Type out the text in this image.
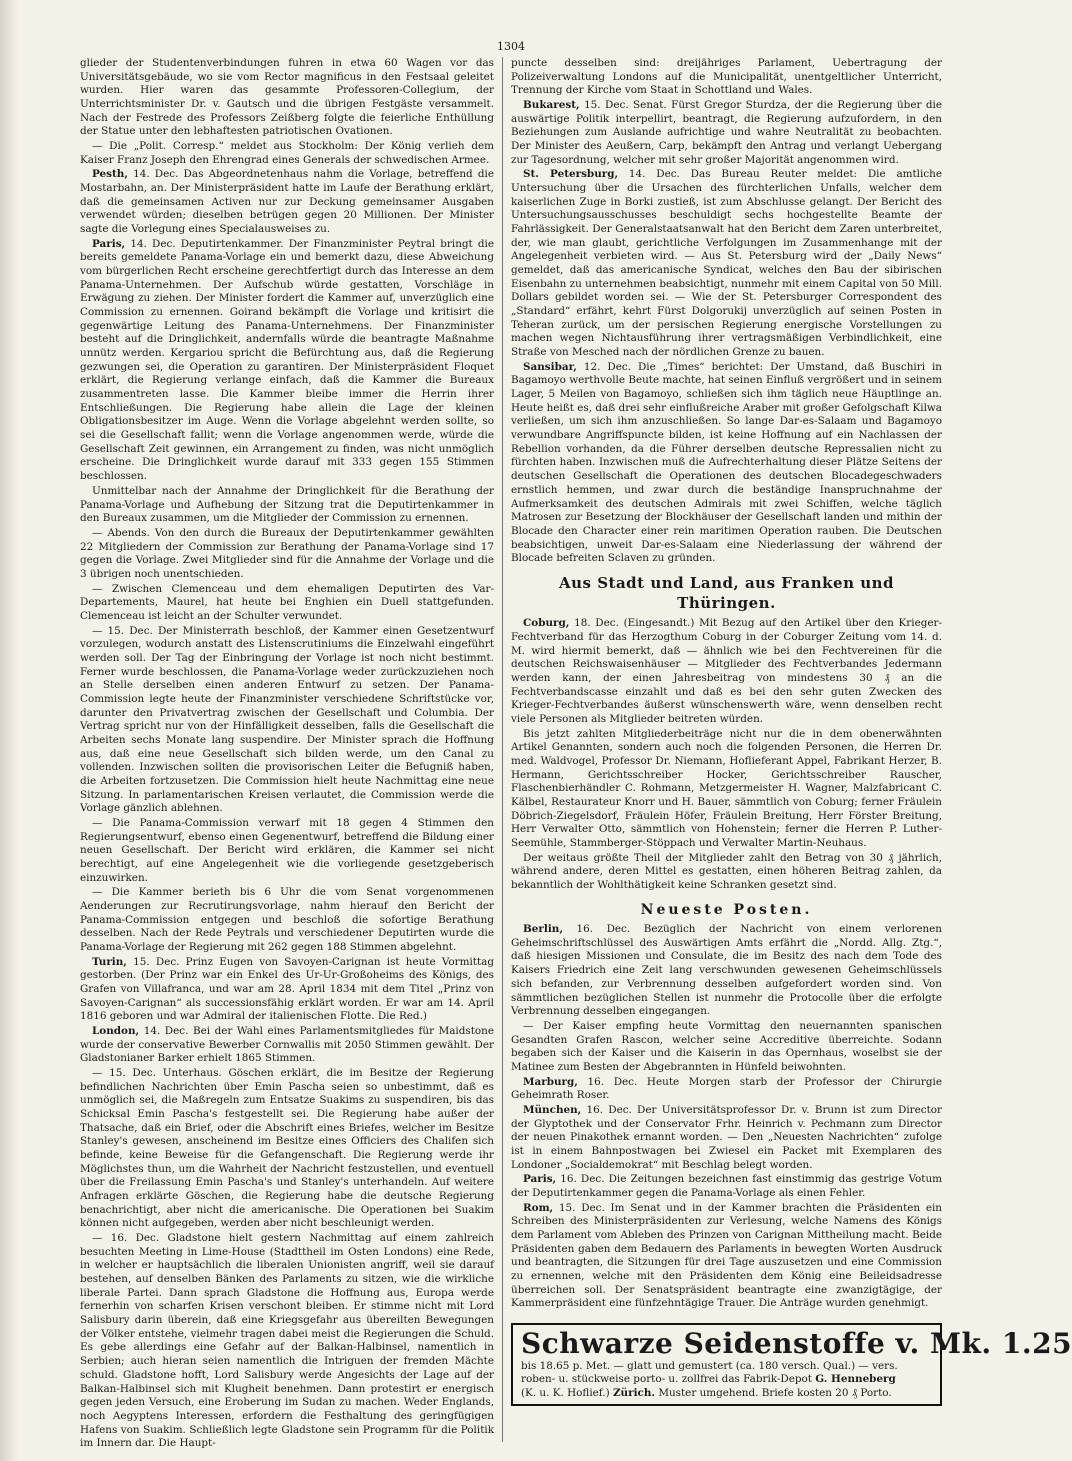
1304

glieder der Studentenverbindungen fuhren in etwa 60 Wagen vor das Universitätsgebäude, wo sie vom Rector magnificus in den Festsaal geleitet wurden. Hier waren das gesammte Professoren-Collegium, der Unterrichtsminister Dr. v. Gautsch und die übrigen Festgäste versammelt. Nach der Festrede des Professors Zeißberg folgte die feierliche Enthüllung der Statue unter den lebhaftesten patriotischen Ovationen.

— Die „Polit. Corresp.“ meldet aus Stockholm: Der König verlieh dem Kaiser Franz Joseph den Ehrengrad eines Generals der schwedischen Armee.

Pesth, 14. Dec. Das Abgeordnetenhaus nahm die Vorlage, betreffend die Mostarbahn, an. Der Ministerpräsident hatte im Laufe der Berathung erklärt, daß die gemeinsamen Activen nur zur Deckung gemeinsamer Ausgaben verwendet würden; dieselben betrügen gegen 20 Millionen. Der Minister sagte die Vorlegung eines Specialausweises zu.

Paris, 14. Dec. Deputirtenkammer. Der Finanzminister Peytral bringt die bereits gemeldete Panama-Vorlage ein und bemerkt dazu, diese Abweichung vom bürgerlichen Recht erscheine gerechtfertigt durch das Interesse an dem Panama-Unternehmen. Der Aufschub würde gestatten, Vorschläge in Erwägung zu ziehen. Der Minister fordert die Kammer auf, unverzüglich eine Commission zu ernennen. Goirand bekämpft die Vorlage und kritisirt die gegenwärtige Leitung des Panama-Unternehmens. Der Finanzminister besteht auf die Dringlichkeit, andernfalls würde die beantragte Maßnahme unnütz werden. Kergariou spricht die Befürchtung aus, daß die Regierung gezwungen sei, die Operation zu garantiren. Der Ministerpräsident Floquet erklärt, die Regierung verlange einfach, daß die Kammer die Bureaux zusammentreten lasse. Die Kammer bleibe immer die Herrin ihrer Entschließungen. Die Regierung habe allein die Lage der kleinen Obligationsbesitzer im Auge. Wenn die Vorlage abgelehnt werden sollte, so sei die Gesellschaft fallit; wenn die Vorlage angenommen werde, würde die Gesellschaft Zeit gewinnen, ein Arrangement zu finden, was nicht unmöglich erscheine. Die Dringlichkeit wurde darauf mit 333 gegen 155 Stimmen beschlossen.

Unmittelbar nach der Annahme der Dringlichkeit für die Berathung der Panama-Vorlage und Aufhebung der Sitzung trat die Deputirtenkammer in den Bureaux zusammen, um die Mitglieder der Commission zu ernennen.

— Abends. Von den durch die Bureaux der Deputirtenkammer gewählten 22 Mitgliedern der Commission zur Berathung der Panama-Vorlage sind 17 gegen die Vorlage. Zwei Mitglieder sind für die Annahme der Vorlage und die 3 übrigen noch unentschieden.

— Zwischen Clemenceau und dem ehemaligen Deputirten des Var-Departements, Maurel, hat heute bei Enghien ein Duell stattgefunden. Clemenceau ist leicht an der Schulter verwundet.

— 15. Dec. Der Ministerrath beschloß, der Kammer einen Gesetzentwurf vorzulegen, wodurch anstatt des Listenscrutiniums die Einzelwahl eingeführt werden soll. Der Tag der Einbringung der Vorlage ist noch nicht bestimmt. Ferner wurde beschlossen, die Panama-Vorlage weder zurückzuziehen noch an Stelle derselben einen anderen Entwurf zu setzen. Der Panama-Commission legte heute der Finanzminister verschiedene Schriftstücke vor, darunter den Privatvertrag zwischen der Gesellschaft und Columbia. Der Vertrag spricht nur von der Hinfälligkeit desselben, falls die Gesellschaft die Arbeiten sechs Monate lang suspendire. Der Minister sprach die Hoffnung aus, daß eine neue Gesellschaft sich bilden werde, um den Canal zu vollenden. Inzwischen sollten die provisorischen Leiter die Befugniß haben, die Arbeiten fortzusetzen. Die Commission hielt heute Nachmittag eine neue Sitzung. In parlamentarischen Kreisen verlautet, die Commission werde die Vorlage gänzlich ablehnen.

— Die Panama-Commission verwarf mit 18 gegen 4 Stimmen den Regierungsentwurf, ebenso einen Gegenentwurf, betreffend die Bildung einer neuen Gesellschaft. Der Bericht wird erklären, die Kammer sei nicht berechtigt, auf eine Angelegenheit wie die vorliegende gesetzgeberisch einzuwirken.

— Die Kammer berieth bis 6 Uhr die vom Senat vorgenommenen Aenderungen zur Recrutirungsvorlage, nahm hierauf den Bericht der Panama-Commission entgegen und beschloß die sofortige Berathung desselben. Nach der Rede Peytrals und verschiedener Deputirten wurde die Panama-Vorlage der Regierung mit 262 gegen 188 Stimmen abgelehnt.

Turin, 15. Dec. Prinz Eugen von Savoyen-Carignan ist heute Vormittag gestorben. (Der Prinz war ein Enkel des Ur-Ur-Großoheims des Königs, des Grafen von Villafranca, und war am 28. April 1834 mit dem Titel „Prinz von Savoyen-Carignan“ als successionsfähig erklärt worden. Er war am 14. April 1816 geboren und war Admiral der italienischen Flotte. Die Red.)

London, 14. Dec. Bei der Wahl eines Parlamentsmitgliedes für Maidstone wurde der conservative Bewerber Cornwallis mit 2050 Stimmen gewählt. Der Gladstonianer Barker erhielt 1865 Stimmen.

— 15. Dec. Unterhaus. Göschen erklärt, die im Besitze der Regierung befindlichen Nachrichten über Emin Pascha seien so unbestimmt, daß es unmöglich sei, die Maßregeln zum Entsatze Suakims zu suspendiren, bis das Schicksal Emin Pascha's festgestellt sei. Die Regierung habe außer der Thatsache, daß ein Brief, oder die Abschrift eines Briefes, welcher im Besitze Stanley's gewesen, anscheinend im Besitze eines Officiers des Chalifen sich befinde, keine Beweise für die Gefangenschaft. Die Regierung werde ihr Möglichstes thun, um die Wahrheit der Nachricht festzustellen, und eventuell über die Freilassung Emin Pascha's und Stanley's unterhandeln. Auf weitere Anfragen erklärte Göschen, die Regierung habe die deutsche Regierung benachrichtigt, aber nicht die americanische. Die Operationen bei Suakim können nicht aufgegeben, werden aber nicht beschleunigt werden.

— 16. Dec. Gladstone hielt gestern Nachmittag auf einem zahlreich besuchten Meeting in Lime-House (Stadttheil im Osten Londons) eine Rede, in welcher er hauptsächlich die liberalen Unionisten angriff, weil sie darauf bestehen, auf denselben Bänken des Parlaments zu sitzen, wie die wirkliche liberale Partei. Dann sprach Gladstone die Hoffnung aus, Europa werde fernerhin von scharfen Krisen verschont bleiben. Er stimme nicht mit Lord Salisbury darin überein, daß eine Kriegsgefahr aus übereilten Bewegungen der Völker entstehe, vielmehr tragen dabei meist die Regierungen die Schuld. Es gebe allerdings eine Gefahr auf der Balkan-Halbinsel, namentlich in Serbien; auch hieran seien namentlich die Intriguen der fremden Mächte schuld. Gladstone hofft, Lord Salisbury werde Angesichts der Lage auf der Balkan-Halbinsel sich mit Klugheit benehmen. Dann protestirt er energisch gegen jeden Versuch, eine Eroberung im Sudan zu machen. Weder Englands, noch Aegyptens Interessen, erfordern die Festhaltung des geringfügigen Hafens von Suakim. Schließlich legte Gladstone sein Programm für die Politik im Innern dar. Die Haupt-

puncte desselben sind: dreijähriges Parlament, Uebertragung der Polizeiverwaltung Londons auf die Municipalität, unentgeltlicher Unterricht, Trennung der Kirche vom Staat in Schottland und Wales.

Bukarest, 15. Dec. Senat. Fürst Gregor Sturdza, der die Regierung über die auswärtige Politik interpellirt, beantragt, die Regierung aufzufordern, in den Beziehungen zum Auslande aufrichtige und wahre Neutralität zu beobachten. Der Minister des Aeußern, Carp, bekämpft den Antrag und verlangt Uebergang zur Tagesordnung, welcher mit sehr großer Majorität angenommen wird.

St. Petersburg, 14. Dec. Das Bureau Reuter meldet: Die amtliche Untersuchung über die Ursachen des fürchterlichen Unfalls, welcher dem kaiserlichen Zuge in Borki zustieß, ist zum Abschlusse gelangt. Der Bericht des Untersuchungsausschusses beschuldigt sechs hochgestellte Beamte der Fahrlässigkeit. Der Generalstaatsanwalt hat den Bericht dem Zaren unterbreitet, der, wie man glaubt, gerichtliche Verfolgungen im Zusammenhange mit der Angelegenheit verbieten wird. — Aus St. Petersburg wird der „Daily News“ gemeldet, daß das americanische Syndicat, welches den Bau der sibirischen Eisenbahn zu unternehmen beabsichtigt, nunmehr mit einem Capital von 50 Mill. Dollars gebildet worden sei. — Wie der St. Petersburger Correspondent des „Standard“ erfährt, kehrt Fürst Dolgorukij unverzüglich auf seinen Posten in Teheran zurück, um der persischen Regierung energische Vorstellungen zu machen wegen Nichtausführung ihrer vertragsmäßigen Verbindlichkeit, eine Straße von Mesched nach der nördlichen Grenze zu bauen.

Sansibar, 12. Dec. Die „Times“ berichtet: Der Umstand, daß Buschiri in Bagamoyo werthvolle Beute machte, hat seinen Einfluß vergrößert und in seinem Lager, 5 Meilen von Bagamoyo, schließen sich ihm täglich neue Häuptlinge an. Heute heißt es, daß drei sehr einflußreiche Araber mit großer Gefolgschaft Kilwa verließen, um sich ihm anzuschließen. So lange Dar-es-Salaam und Bagamoyo verwundbare Angriffspuncte bilden, ist keine Hoffnung auf ein Nachlassen der Rebellion vorhanden, da die Führer derselben deutsche Repressalien nicht zu fürchten haben. Inzwischen muß die Aufrechterhaltung dieser Plätze Seitens der deutschen Gesellschaft die Operationen des deutschen Blocadegeschwaders ernstlich hemmen, und zwar durch die beständige Inanspruchnahme der Aufmerksamkeit des deutschen Admirals mit zwei Schiffen, welche täglich Matrosen zur Besetzung der Blockhäuser der Gesellschaft landen und mithin der Blocade den Character einer rein maritimen Operation rauben. Die Deutschen beabsichtigen, unweit Dar-es-Salaam eine Niederlassung der während der Blocade befreiten Sclaven zu gründen.

Aus Stadt und Land, aus Franken und Thüringen.

Coburg, 18. Dec. (Eingesandt.) Mit Bezug auf den Artikel über den Krieger-Fechtverband für das Herzogthum Coburg in der Coburger Zeitung vom 14. d. M. wird hiermit bemerkt, daß — ähnlich wie bei den Fechtvereinen für die deutschen Reichswaisenhäuser — Mitglieder des Fechtverbandes Jedermann werden kann, der einen Jahresbeitrag von mindestens 30 ₰ an die Fechtverbandscasse einzahlt und daß es bei den sehr guten Zwecken des Krieger-Fechtverbandes äußerst wünschenswerth wäre, wenn denselben recht viele Personen als Mitglieder beitreten würden.

Bis jetzt zahlten Mitgliederbeiträge nicht nur die in dem obenerwähnten Artikel Genannten, sondern auch noch die folgenden Personen, die Herren Dr. med. Waldvogel, Professor Dr. Niemann, Hoflieferant Appel, Fabrikant Herzer, B. Hermann, Gerichtsschreiber Hocker, Gerichtsschreiber Rauscher, Flaschenbierhändler C. Rohmann, Metzgermeister H. Wagner, Malzfabricant C. Kälbel, Restaurateur Knorr und H. Bauer, sämmtlich von Coburg; ferner Fräulein Döbrich-Ziegelsdorf, Fräulein Höfer, Fräulein Breitung, Herr Förster Breitung, Herr Verwalter Otto, sämmtlich von Hohenstein; ferner die Herren P. Luther-Seemühle, Stammberger-Stöppach und Verwalter Martin-Neuhaus.

Der weitaus größte Theil der Mitglieder zahlt den Betrag von 30 ₰ jährlich, während andere, deren Mittel es gestatten, einen höheren Beitrag zahlen, da bekanntlich der Wohlthätigkeit keine Schranken gesetzt sind.

Neueste Posten.

Berlin, 16. Dec. Bezüglich der Nachricht von einem verlorenen Geheimschriftschlüssel des Auswärtigen Amts erfährt die „Nordd. Allg. Ztg.“, daß hiesigen Missionen und Consulate, die im Besitz des nach dem Tode des Kaisers Friedrich eine Zeit lang verschwunden gewesenen Geheimschlüssels sich befanden, zur Verbrennung desselben aufgefordert worden sind. Von sämmtlichen bezüglichen Stellen ist nunmehr die Protocolle über die erfolgte Verbrennung desselben eingegangen.

— Der Kaiser empfing heute Vormittag den neuernannten spanischen Gesandten Grafen Rascon, welcher seine Accreditive überreichte. Sodann begaben sich der Kaiser und die Kaiserin in das Opernhaus, woselbst sie der Matinee zum Besten der Abgebrannten in Hünfeld beiwohnten.

Marburg, 16. Dec. Heute Morgen starb der Professor der Chirurgie Geheimrath Roser.

München, 16. Dec. Der Universitätsprofessor Dr. v. Brunn ist zum Director der Glyptothek und der Conservator Frhr. Heinrich v. Pechmann zum Director der neuen Pinakothek ernannt worden. — Den „Neuesten Nachrichten“ zufolge ist in einem Bahnpostwagen bei Zwiesel ein Packet mit Exemplaren des Londoner „Socialdemokrat“ mit Beschlag belegt worden.

Paris, 16. Dec. Die Zeitungen bezeichnen fast einstimmig das gestrige Votum der Deputirtenkammer gegen die Panama-Vorlage als einen Fehler.

Rom, 15. Dec. Im Senat und in der Kammer brachten die Präsidenten ein Schreiben des Ministerpräsidenten zur Verlesung, welche Namens des Königs dem Parlament vom Ableben des Prinzen von Carignan Mittheilung macht. Beide Präsidenten gaben dem Bedauern des Parlaments in bewegten Worten Ausdruck und beantragten, die Sitzungen für drei Tage auszusetzen und eine Commission zu ernennen, welche mit den Präsidenten dem König eine Beileidsadresse überreichen soll. Der Senatspräsident beantragte eine zwanzigtägige, der Kammerpräsident eine fünfzehntägige Trauer. Die Anträge wurden genehmigt.

Schwarze Seidenstoffe v. Mk. 1.25
bis 18.65 p. Met. — glatt und gemustert (ca. 180 versch. Qual.) — vers.
roben- u. stückweise porto- u. zollfrei das Fabrik-Depot G. Henneberg
(K. u. K. Hoflief.) Zürich. Muster umgehend. Briefe kosten 20 ₰ Porto.
